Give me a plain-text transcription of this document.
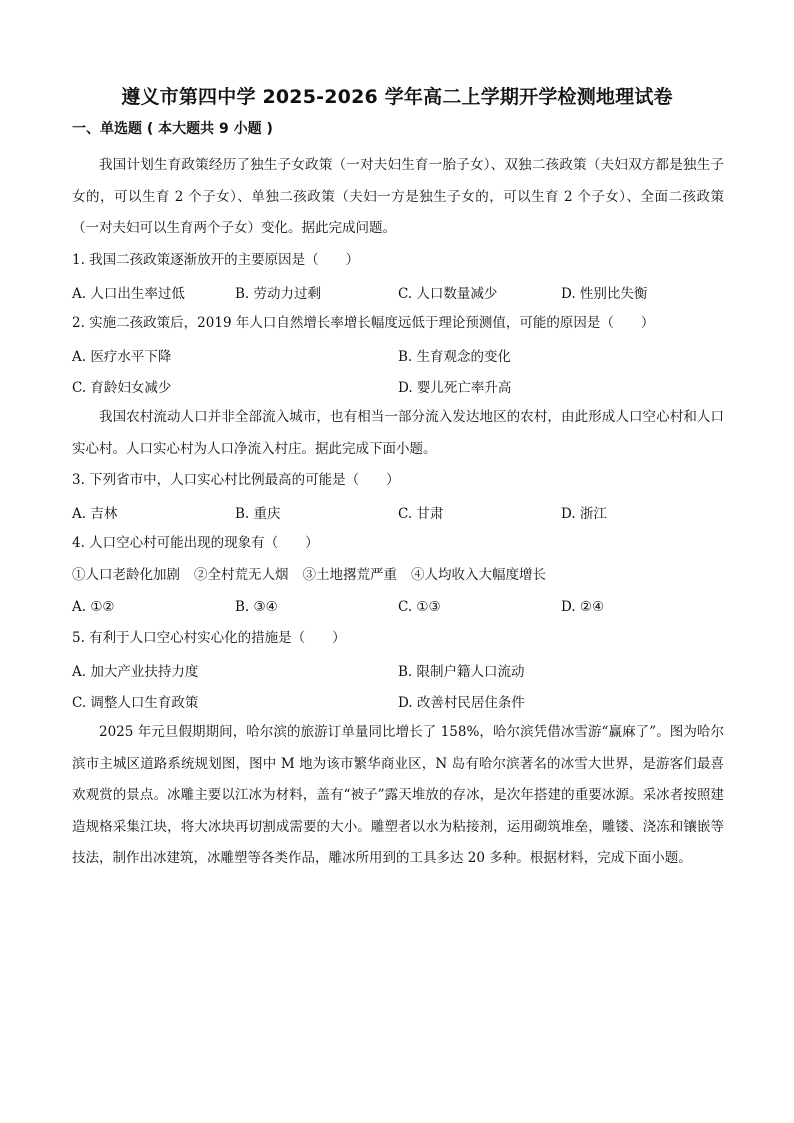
遵义市第四中学 2025-2026 学年高二上学期开学检测地理试卷
一、单选题 ( 本大题共 9 小题 )

我国计划生育政策经历了独生子女政策（一对夫妇生育一胎子女）、双独二孩政策（夫妇双方都是独生子女的，可以生育 2 个子女）、单独二孩政策（夫妇一方是独生子女的，可以生育 2 个子女）、全面二孩政策（一对夫妇可以生育两个子女）变化。据此完成问题。

1. 我国二孩政策逐渐放开的主要原因是（　　）

A. 人口出生率过低	B. 劳动力过剩	C. 人口数量减少	D. 性别比失衡

2. 实施二孩政策后，2019 年人口自然增长率增长幅度远低于理论预测值，可能的原因是（　　）

A. 医疗水平下降	B. 生育观念的变化
C. 育龄妇女减少	D. 婴儿死亡率升高

我国农村流动人口并非全部流入城市，也有相当一部分流入发达地区的农村，由此形成人口空心村和人口实心村。人口实心村为人口净流入村庄。据此完成下面小题。

3. 下列省市中，人口实心村比例最高的可能是（　　）

A. 吉林	B. 重庆	C. 甘肃	D. 浙江

4. 人口空心村可能出现的现象有（　　）

①人口老龄化加剧 ②全村荒无人烟 ③土地撂荒严重 ④人均收入大幅度增长

A. ①②	B. ③④	C. ①③	D. ②④

5. 有利于人口空心村实心化的措施是（　　）

A. 加大产业扶持力度	B. 限制户籍人口流动
C. 调整人口生育政策	D. 改善村民居住条件

2025 年元旦假期期间，哈尔滨的旅游订单量同比增长了 158%，哈尔滨凭借冰雪游“赢麻了”。图为哈尔滨市主城区道路系统规划图，图中 M 地为该市繁华商业区，N 岛有哈尔滨著名的冰雪大世界，是游客们最喜欢观赏的景点。冰雕主要以江冰为材料，盖有“被子”露天堆放的存冰，是次年搭建的重要冰源。采冰者按照建造规格采集江块，将大冰块再切割成需要的大小。雕塑者以水为粘接剂，运用砌筑堆垒，雕镂、浇冻和镶嵌等技法，制作出冰建筑，冰雕塑等各类作品，雕冰所用到的工具多达 20 多种。根据材料，完成下面小题。
